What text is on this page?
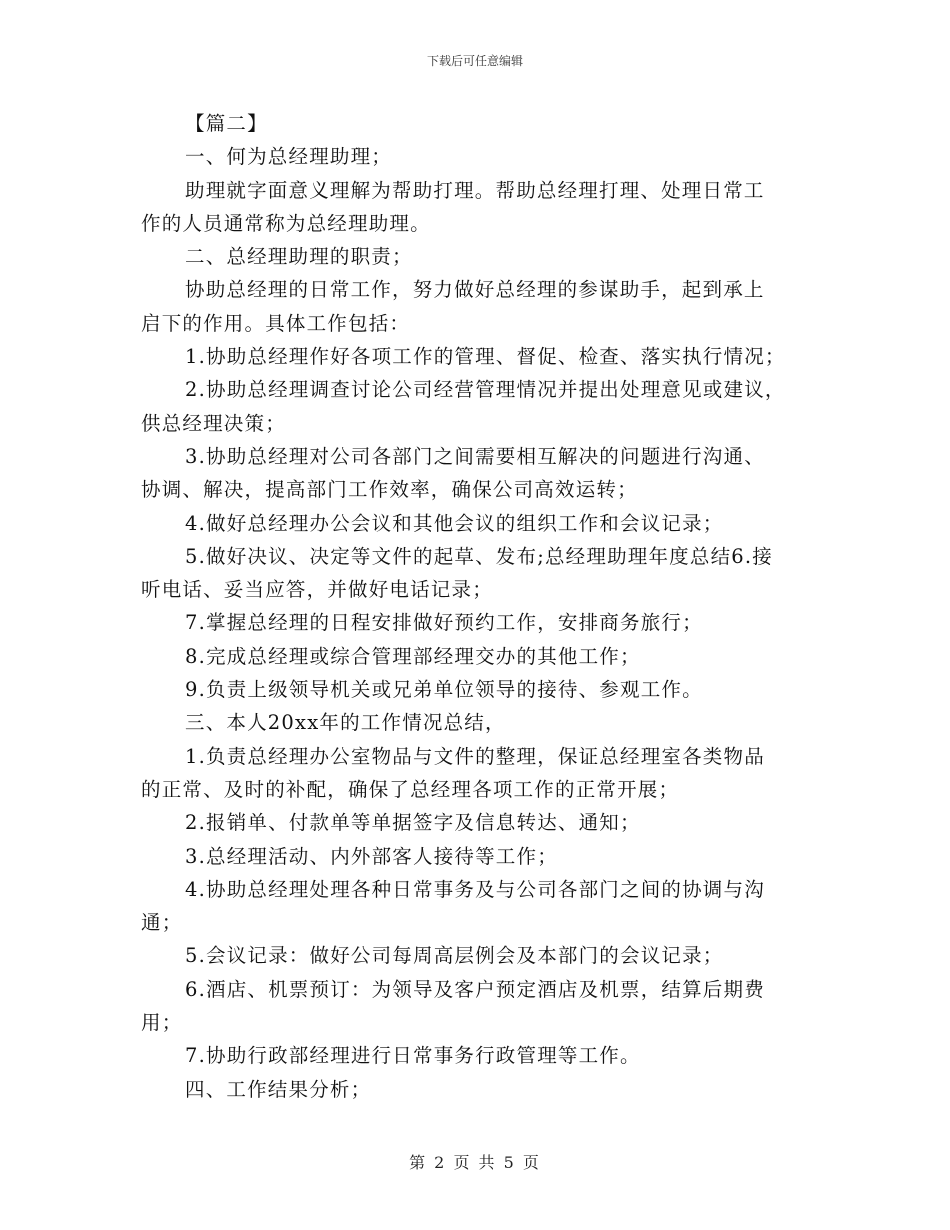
下载后可任意编辑
【篇二】
一、何为总经理助理；
助理就字面意义理解为帮助打理。帮助总经理打理、处理日常工
作的人员通常称为总经理助理。
二、总经理助理的职责；
协助总经理的日常工作，努力做好总经理的参谋助手，起到承上
启下的作用。具体工作包括：
1.协助总经理作好各项工作的管理、督促、检查、落实执行情况；
2.协助总经理调查讨论公司经营管理情况并提出处理意见或建议，
供总经理决策；
3.协助总经理对公司各部门之间需要相互解决的问题进行沟通、
协调、解决，提高部门工作效率，确保公司高效运转；
4.做好总经理办公会议和其他会议的组织工作和会议记录；
5.做好决议、决定等文件的起草、发布;总经理助理年度总结6.接
听电话、妥当应答，并做好电话记录；
7.掌握总经理的日程安排做好预约工作，安排商务旅行；
8.完成总经理或综合管理部经理交办的其他工作；
9.负责上级领导机关或兄弟单位领导的接待、参观工作。
三、本人20xx年的工作情况总结，
1.负责总经理办公室物品与文件的整理，保证总经理室各类物品
的正常、及时的补配，确保了总经理各项工作的正常开展；
2.报销单、付款单等单据签字及信息转达、通知；
3.总经理活动、内外部客人接待等工作；
4.协助总经理处理各种日常事务及与公司各部门之间的协调与沟
通；
5.会议记录：做好公司每周高层例会及本部门的会议记录；
6.酒店、机票预订：为领导及客户预定酒店及机票，结算后期费
用；
7.协助行政部经理进行日常事务行政管理等工作。
四、工作结果分析；
第 2 页 共 5 页
